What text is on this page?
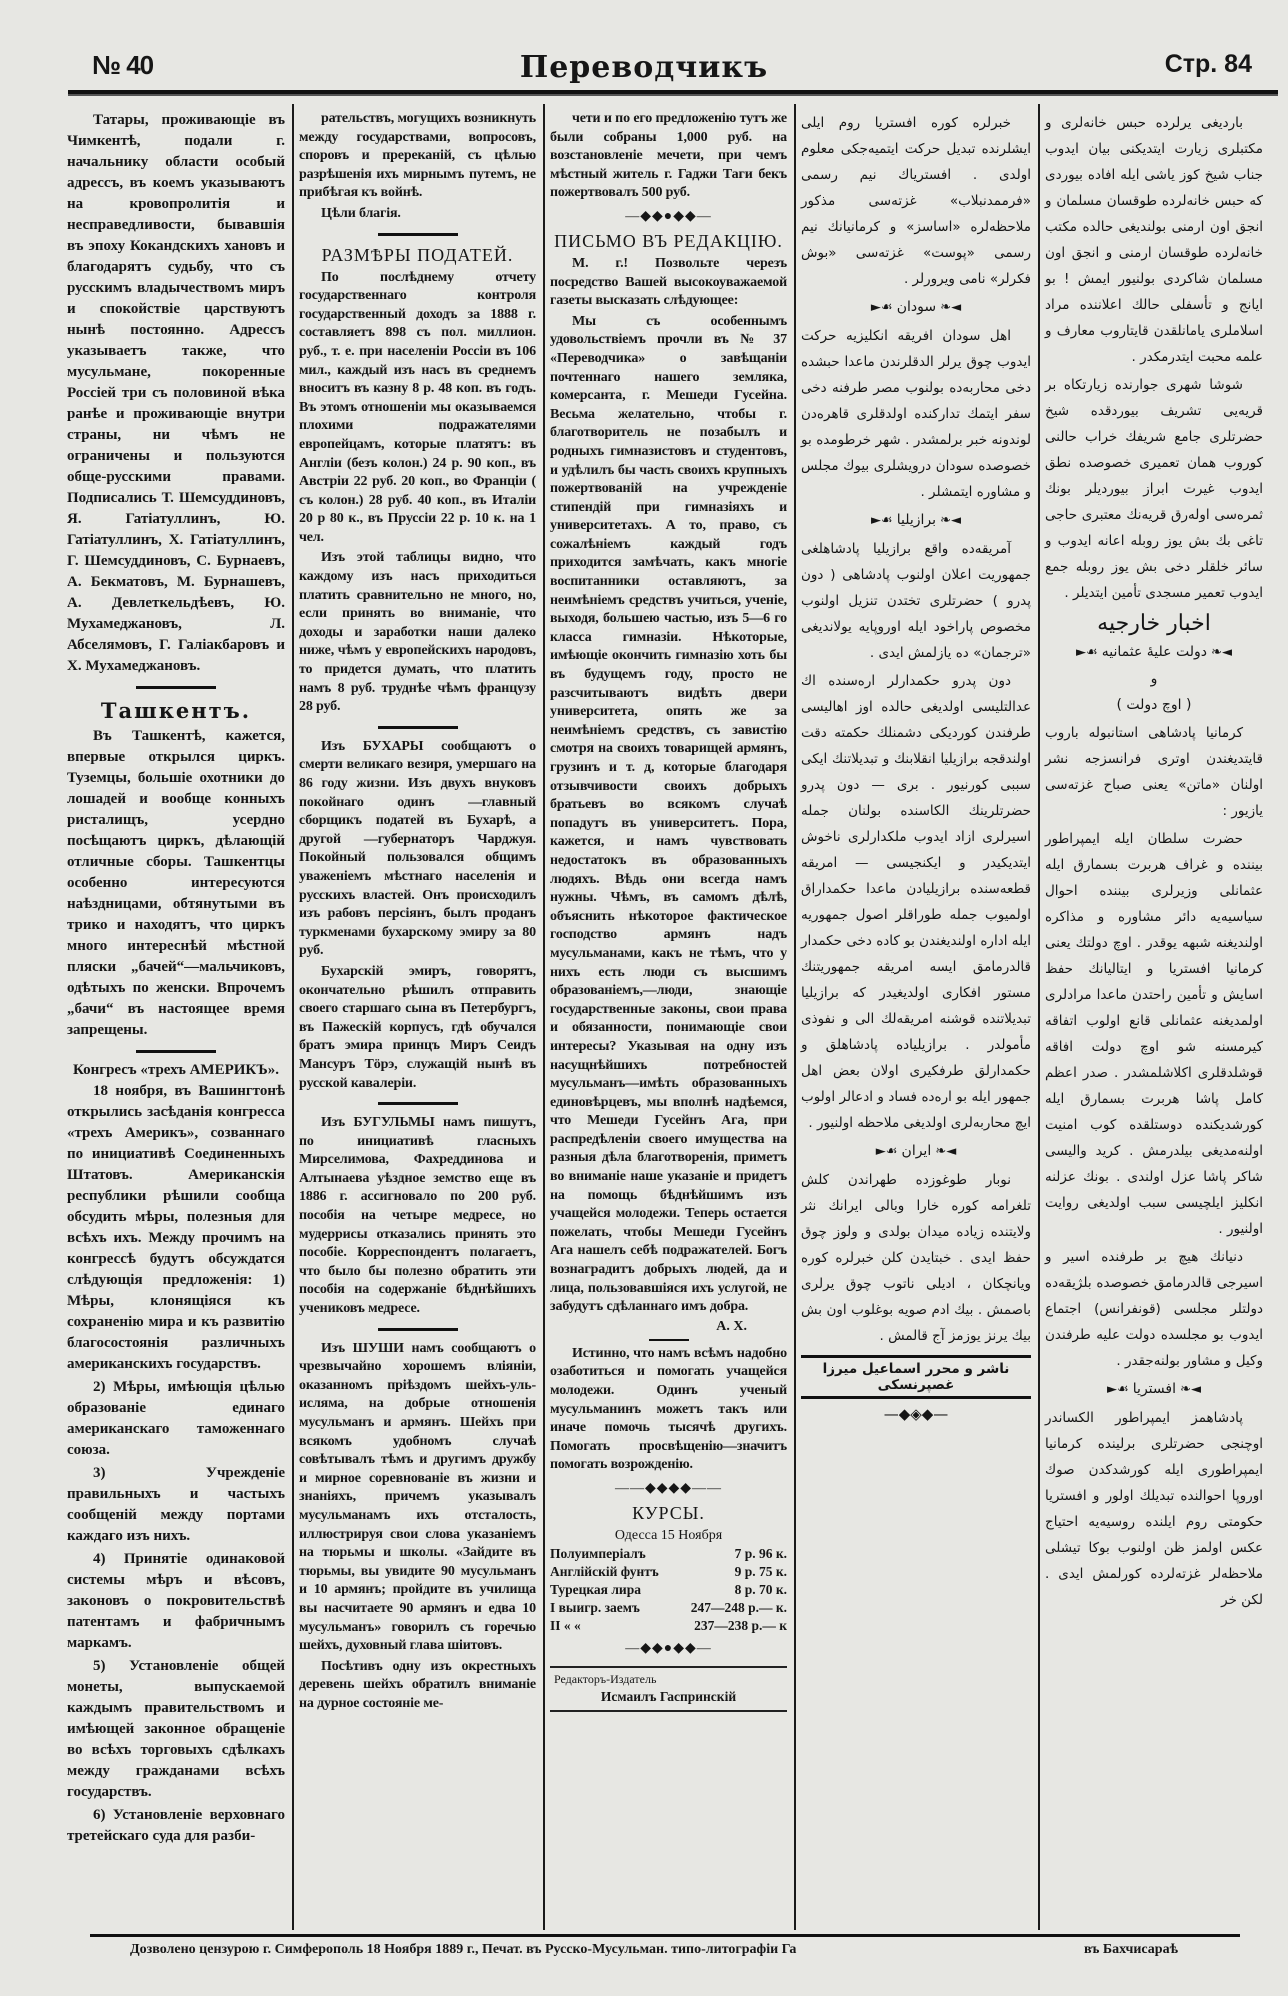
№ 40	Переводчикъ	Стр. 84

Татары, проживающіе въ Чимкентѣ, подали г. начальнику области особый адрессъ, въ коемъ указываютъ на кровопролитія и несправедливости, бывавшія въ эпоху Кокандскихъ хановъ и благодарятъ судьбу, что съ русскимъ владычествомъ миръ и спокойствіе царствуютъ нынѣ постоянно. Адрессъ указываетъ также, что мусульмане, покоренные Россіей три съ половиной вѣка ранѣе и проживающіе внутри страны, ни чѣмъ не ограничены и пользуются обще-русскими правами. Подписались Т. Шемсуддиновъ, Я. Гатіатуллинъ, Ю. Гатіатуллинъ, Х. Гатіатуллинъ, Г. Шемсуддиновъ, С. Бурнаевъ, А. Бекматовъ, М. Бурнашевъ, А. Девлеткельдѣевъ, Ю. Мухамеджановъ, Л. Абселямовъ, Г. Галіакбаровъ и Х. Мухамеджановъ.

Ташкентъ.

Въ Ташкентѣ, кажется, впервые открылся циркъ. Туземцы, большіе охотники до лошадей и вообще конныхъ ристалищъ, усердно посѣщаютъ циркъ, дѣлающій отличные сборы. Ташкентцы особенно интересуются наѣздницами, обтянутыми въ трико и находятъ, что циркъ много интереснѣй мѣстной пляски „бачей“—мальчиковъ, одѣтыхъ по женски. Впрочемъ „бачи“ въ настоящее время запрещены.

Конгресъ «трехъ АМЕРИКЪ».

18 ноября, въ Вашингтонѣ открылись засѣданія конгресса «трехъ Америкъ», созваннаго по инициативѣ Соединенныхъ Штатовъ. Американскія республики рѣшили сообща обсудить мѣры, полезныя для всѣхъ ихъ. Между прочимъ на конгрессѣ будутъ обсуждатся слѣдующія предложенія: 1) Мѣры, клонящіяся къ сохраненію мира и къ развитію благосостоянія различныхъ американскихъ государствъ.

2) Мѣры, имѣющія цѣлью образованіе единаго американскаго таможеннаго союза.

3) Учрежденіе правильныхъ и частыхъ сообщеній между портами каждаго изъ нихъ.

4) Принятіе одинаковой системы мѣръ и вѣсовъ, законовъ о покровительствѣ патентамъ и фабричнымъ маркамъ.

5) Установленіе общей монеты, выпускаемой каждымъ правительствомъ и имѣющей законное обращеніе во всѣхъ торговыхъ сдѣлкахъ между гражданами всѣхъ государствъ.

6) Установленіе верховнаго третейскаго суда для разби-

рательствъ, могущихъ возникнуть между государствами, вопросовъ, споровъ и пререканій, съ цѣлью разрѣшенія ихъ мирнымъ путемъ, не прибѣгая къ войнѣ.

Цѣли благія.

РАЗМѢРЫ ПОДАТЕЙ.

По послѣднему отчету государственнаго контроля государственный доходъ за 1888 г. составляетъ 898 съ пол. миллион. руб., т. е. при населеніи Россіи въ 106 мил., каждый изъ насъ въ среднемъ вноситъ въ казну 8 р. 48 коп. въ годъ. Въ этомъ отношеніи мы оказываемся плохими подражателями европейцамъ, которые платятъ: въ Англіи (безъ колон.) 24 р. 90 коп., въ Австріи 22 руб. 20 коп., во Франціи ( съ колон.) 28 руб. 40 коп., въ Италіи 20 р 80 к., въ Пруссіи 22 р. 10 к. на 1 чел.

Изъ этой таблицы видно, что каждому изъ насъ приходиться платить сравнительно не много, но, если принять во вниманіе, что доходы и заработки наши далеко ниже, чѣмъ у европейскихъ народовъ, то придется думать, что платить намъ 8 руб. труднѣе чѣмъ французу 28 руб.

Изъ БУХАРЫ сообщаютъ о смерти великаго везиря, умершаго на 86 году жизни. Изъ двухъ внуковъ покойнаго одинъ —главный сборщикъ податей въ Бухарѣ, а другой —губернаторъ Чарджуя. Покойный пользовался общимъ уваженіемъ мѣстнаго населенія и русскихъ властей. Онъ происходилъ изъ рабовъ персіянъ, былъ проданъ туркменами бухарскому эмиру за 80 руб.

Бухарскій эмиръ, говорятъ, окончательно рѣшилъ отправить своего старшаго сына въ Петербургъ, въ Пажескій корпусъ, гдѣ обучался братъ эмира принцъ Миръ Сеидъ Мансуръ Тöрэ, служащій нынѣ въ русской кавалеріи.

Изъ БУГУЛЬМЫ намъ пишутъ, по инициативѣ гласныхъ Мирселимова, Фахреддинова и Алтынаева уѣздное земство еще въ 1886 г. ассигновало по 200 руб. пособія на четыре медресе, но мудеррисы отказались принять это пособіе. Корреспондентъ полагаетъ, что было бы полезно обратить эти пособія на содержаніе бѣднѣйшихъ учениковъ медресе.

Изъ ШУШИ намъ сообщаютъ о чрезвычайно хорошемъ вліяніи, оказанномъ пріѣздомъ шейхъ-уль-исляма, на добрые отношенія мусульманъ и армянъ. Шейхъ при всякомъ удобномъ случаѣ совѣтывалъ тѣмъ и другимъ дружбу и мирное соревнованіе въ жизни и знаніяхъ, причемъ указывалъ мусульманамъ ихъ отсталость, иллюстрируя свои слова указаніемъ на тюрьмы и школы. «Зайдите въ тюрьмы, вы увидите 90 мусульманъ и 10 армянъ; пройдите въ училища вы насчитаете 90 армянъ и едва 10 мусульманъ» говорилъ съ горечью шейхъ, духовный глава шіитовъ.

Посѣтивъ одну изъ окрестныхъ деревень шейхъ обратилъ вниманіе на дурное состояніе ме-

чети и по его предложенію тутъ же были собраны 1,000 руб. на возстановленіе мечети, при чемъ мѣстный житель г. Гаджи Таги бекъ пожертвовалъ 500 руб.

—◆◆●◆◆—
ПИСЬМО ВЪ РЕДАКЦІЮ.

М. г.! Позвольте черезъ посредство Вашей высокоуважаемой газеты высказать слѣдующее:

Мы съ особеннымъ удовольствіемъ прочли въ № 37 «Переводчика» о завѣщаніи почтеннаго нашего земляка, комерсанта, г. Мешеди Гусейна. Весьма желательно, чтобы г. благотворитель не позабылъ и родныхъ гимназистовъ и студентовъ, и удѣлилъ бы часть своихъ крупныхъ пожертвованій на учрежденіе стипендій при гимназіяхъ и университетахъ. А то, право, съ сожалѣніемъ каждый годъ приходится замѣчать, какъ многіе воспитанники оставляютъ, за неимѣніемъ средствъ учиться, ученіе, выходя, большею частью, изъ 5—6 го класса гимназіи. Нѣкоторые, имѣющіе окончить гимназію хоть бы въ будущемъ году, просто не разсчитываютъ видѣть двери университета, опять же за неимѣніемъ средствъ, съ завистію смотря на своихъ товарищей армянъ, грузинъ и т. д, которые благодаря отзывчивости своихъ добрыхъ братьевъ во всякомъ случаѣ попадутъ въ университетъ. Пора, кажется, и намъ чувствовать недостатокъ въ образованныхъ людяхъ. Вѣдь они всегда намъ нужны. Чѣмъ, въ самомъ дѣлѣ, объяснить нѣкоторое фактическое господство армянъ надъ мусульманами, какъ не тѣмъ, что у нихъ есть люди съ высшимъ образованіемъ,—люди, знающіе государственные законы, свои права и обязанности, понимающіе свои интересы? Указывая на одну изъ насущнѣйшихъ потребностей мусульманъ—имѣть образованныхъ единовѣрцевъ, мы вполнѣ надѣемся, что Мешеди Гусейнъ Ага, при распредѣленіи своего имущества на разныя дѣла благотворенія, приметъ во вниманіе наше указаніе и придетъ на помощь бѣднѣйшимъ изъ учащейся молодежи. Теперь остается пожелать, чтобы Мешеди Гусейнъ Ага нашелъ себѣ подражателей. Богъ вознаградитъ добрыхъ людей, да и лица, пользовавшіяся ихъ услугой, не забудутъ сдѣланнаго имъ добра.

А. Х.

Истинно, что намъ всѣмъ надобно озаботиться и помогать учащейся молодежи. Одинъ ученый мусульманинъ можетъ такъ или иначе помочь тысячѣ другихъ. Помогать просвѣщенію—значитъ помогать возрожденію.

——◆◆◆◆——
КУРСЫ.
Одесса 15 Ноября
Полуимперіалъ	7 р. 96 к.
Англійскій фунтъ	9 р. 75 к.
Турецкая лира	8 р. 70 к.
I выигр. заемъ	247—248 р.— к.
II « «	237—238 р.— к
—◆◆●◆◆—
Редакторъ-Издатель
Исмаилъ Гаспринскій

خبرلره كوره افستريا روم ايلى ايشلرنده تبديل حركت ايتميه‌جكى معلوم اولدى . افسترياك نيم رسمى «فرممدنبلاب» غزته‌سى مذكور ملاحظه‌لره «اساسز» و كرمانيانك نيم رسمى «پوست» غزته‌سى «بوش فكرلر» نامى ويرورلر .

◄❧ سودان ☙►

اهل سودان افريقه انكليزيه حركت ايدوب چوق يرلر الدقلرندن ماعدا حبشده دخى محاربه‌ده بولنوب مصر طرفنه دخى سفر ايتمك تداركنده اولدقلرى قاهره‌دن لوندونه خبر برلمشدر . شهر خرطومده بو خصوصده سودان درويشلرى بيوك مجلس و مشاوره ايتمشلر .

◄❧ برازيليا ☙►

آمريقه‌ده واقع برازيليا پادشاهلغى جمهوريت اعلان اولنوب پادشاهى ( دون پدرو ) حضرتلرى تختدن تنزيل اولنوب مخصوص پاراخود ايله اوروپايه يولانديغى «ترجمان» ده يازلمش ايدى .

دون پدرو حكمدارلر ارەسنده اك عدالتليسى اولديغى حالده اوز اهاليسى طرفندن كورديكى دشمنلك حكمته دقت اولندقجه برازيليا انقلابنك و تبديلاتنك ايكى سببى كورنيور . برى — دون پدرو حضرتلرينك الكاسنده بولنان جمله اسيرلرى ازاد ايدوب ملكدارلرى ناخوش ايتديكيدر و ايكنجيسى — امريقه قطعه‌سنده برازيليادن ماعدا حكمداراق اولميوب جمله طوراقلر اصول جمهوريه ايله اداره اولنديغندن بو كاده دخى حكمدار قالدرمامق ايسه امريقه جمهوريتنك مستور افكارى اولديغيدر كه برازيليا تبديلاتنده قوشنه امريقه‌لك الى و نفوذى مأمولدر . برازيلياده پادشاهلق و حكمدارلق طرفكيرى اولان بعض اهل جمهور ايله بو ارەده فساد و ادعالر اولوب ايچ محاربه‌لرى اولديغى ملاحظه اولنيور .

◄❧ ايران ☙►

نوبار طوغوزده طهراندن كلش تلغرامه كوره خارا وبالى ايرانك نثر ولايتنده زياده ميدان بولدى و ولوز چوق حفظ ايدى . خبتايدن كلن خبرلره كوره ويانچكان ، اديلى ناتوب چوق يرلرى باصمش . بيك ادم صويه بوغلوب اون بش بيك يرنز يوزمز آج قالمش .

ناشر و محرر اسماعيل ميرزا غصپرنسكى
—◆◈◆—

بارديغى يرلرده حبس خانه‌لرى و مكتبلرى زيارت ايتديكنى بيان ايدوب جناب شيخ كوز ياشى ايله افاده بيوردى كه حبس خانه‌لرده طوقسان مسلمان و انجق اون ارمنى بولنديغى حالده مكتب خانه‌لرده طوقسان ارمنى و انجق اون مسلمان شاكردى بولنيور ايمش ! بو ايانج و تأسفلى حالك اعلاننده مراد اسلاملرى يامانلقدن قايتاروب معارف و علمه محبت ايتدرمكدر .

شوشا شهرى جوارنده زيارتكاه بر قريه‌يى تشريف بيوردقده شيخ حضرتلرى جامع شريفك خراب حالنى كوروب همان تعميرى خصوصده نطق ايدوب غيرت ابراز بيورديلر بونك ثمره‌سى اوله‌رق قريه‌نك معتبرى حاجى تاغى بك بش يوز روبله اعانه ايدوب و سائر خلقلر دخى بش يوز روبله جمع ايدوب تعمير مسجدى تأمين ايتديلر .

اخبار خارجيه
◄❧ دولت عليهٔ عثمانيه ☙►
و
( اوچ دولت )

كرمانيا پادشاهى استانبوله باروب قايتديغندن اوترى فرانسزجه نشر اولنان «ماتن» يعنى صباح غزته‌سى يازيور :

حضرت سلطان ايله ايمپراطور بيننده و غراف هربرت بسمارق ايله عثمانلى وزيرلرى بيننده احوال سياسيه‌يه دائر مشاوره و مذاكره اولنديغنه شبهه يوقدر . اوچ دولتك يعنى كرمانيا افستريا و ايتاليانك حفظ اسايش و تأمين راحتدن ماعدا مرادلرى اولمديغنه عثمانلى قانع اولوب اتفاقه كيرمسنه شو اوچ دولت افاقه قوشلدقلرى اكلاشلمشدر . صدر اعظم كامل پاشا هربرت بسمارق ايله كورشديكنده دوستلقده كوب امنيت اولنه‌مديغى بيلدرمش . كريد واليسى شاكر پاشا عزل اولندى . بونك عزلنه انكليز ايلچيسى سبب اولديغى روايت اولنيور .

دنيانك هيچ بر طرفنده اسير و اسيرجى قالدرمامق خصوصده بلژيقه‌ده دولتلر مجلسى (قونفرانس) اجتماع ايدوب بو مجلسده دولت عليه طرفندن وكيل و مشاور بولنه‌جقدر .

◄❧ افستريا ☙►

پادشاهمز ايمپراطور الكساندر اوچنجى حضرتلرى برلينده كرمانيا ايمپراطورى ايله كورشدكدن صوك اوروپا احوالنده تبديلك اولور و افستريا حكومتى روم ايلنده روسيه‌يه احتياج عكس اولمز ظن اولنوب بوكا تيشلى ملاحظه‌لر غزته‌لرده كورلمش ايدى . لكن خر

Дозволено цензурою г. Симферополь 18 Ноября 1889 г., Печат. въ Русско-Мусульман. типо-литографіи Га	въ Бахчисараѣ
